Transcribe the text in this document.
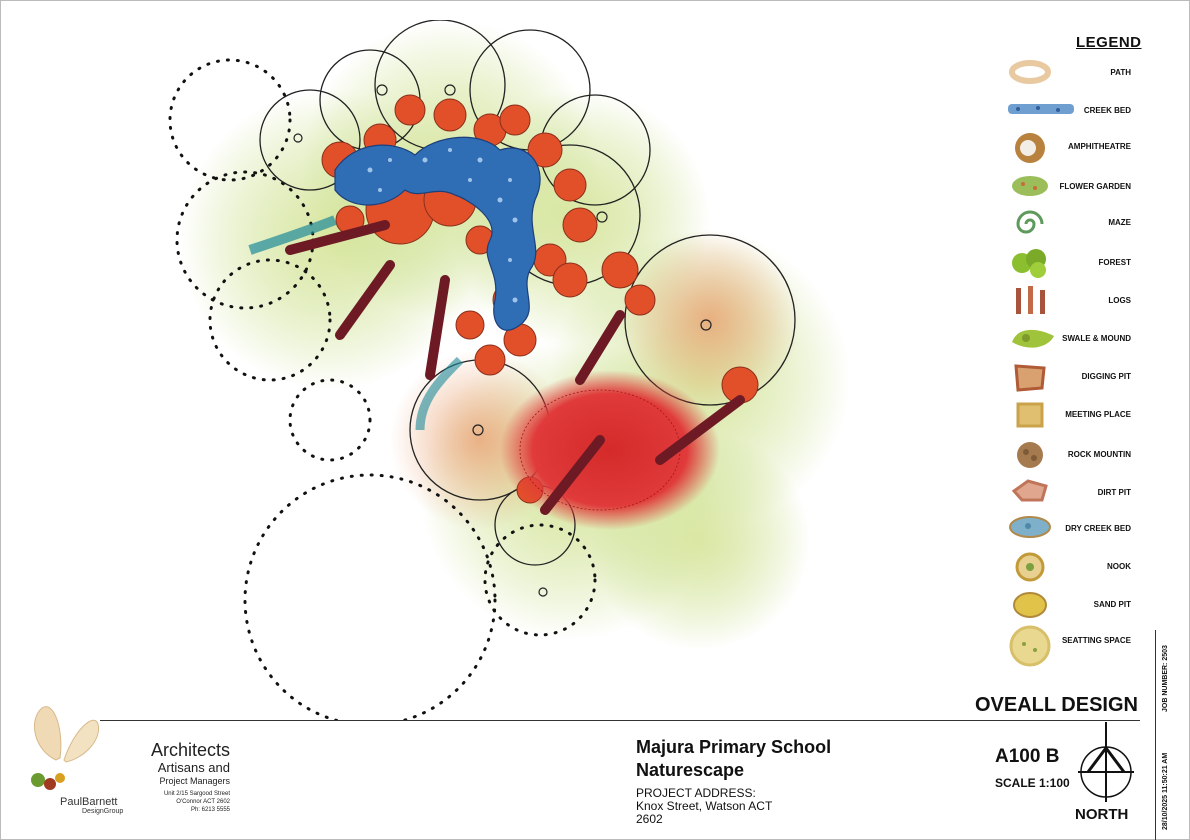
LEGEND
PATH
CREEK BED
AMPHITHEATRE
FLOWER GARDEN
MAZE
FOREST
LOGS
SWALE & MOUND
DIGGING PIT
MEETING PLACE
ROCK MOUNTIN
DIRT PIT
DRY CREEK BED
NOOK
SAND PIT
SEATTING SPACE
OVEALL DESIGN	JOB NUMBER: 2503
28/10/2025 11:50:21 AM
Architects
Artisans and
Project Managers
Unit 2/15 Sargood Street
O'Connor ACT 2602
Ph: 6213 5555
PaulBarnett
DesignGroup
Majura Primary School
Naturescape
PROJECT ADDRESS:
Knox Street, Watson ACT
2602
A100 B
SCALE 1:100
NORTH
